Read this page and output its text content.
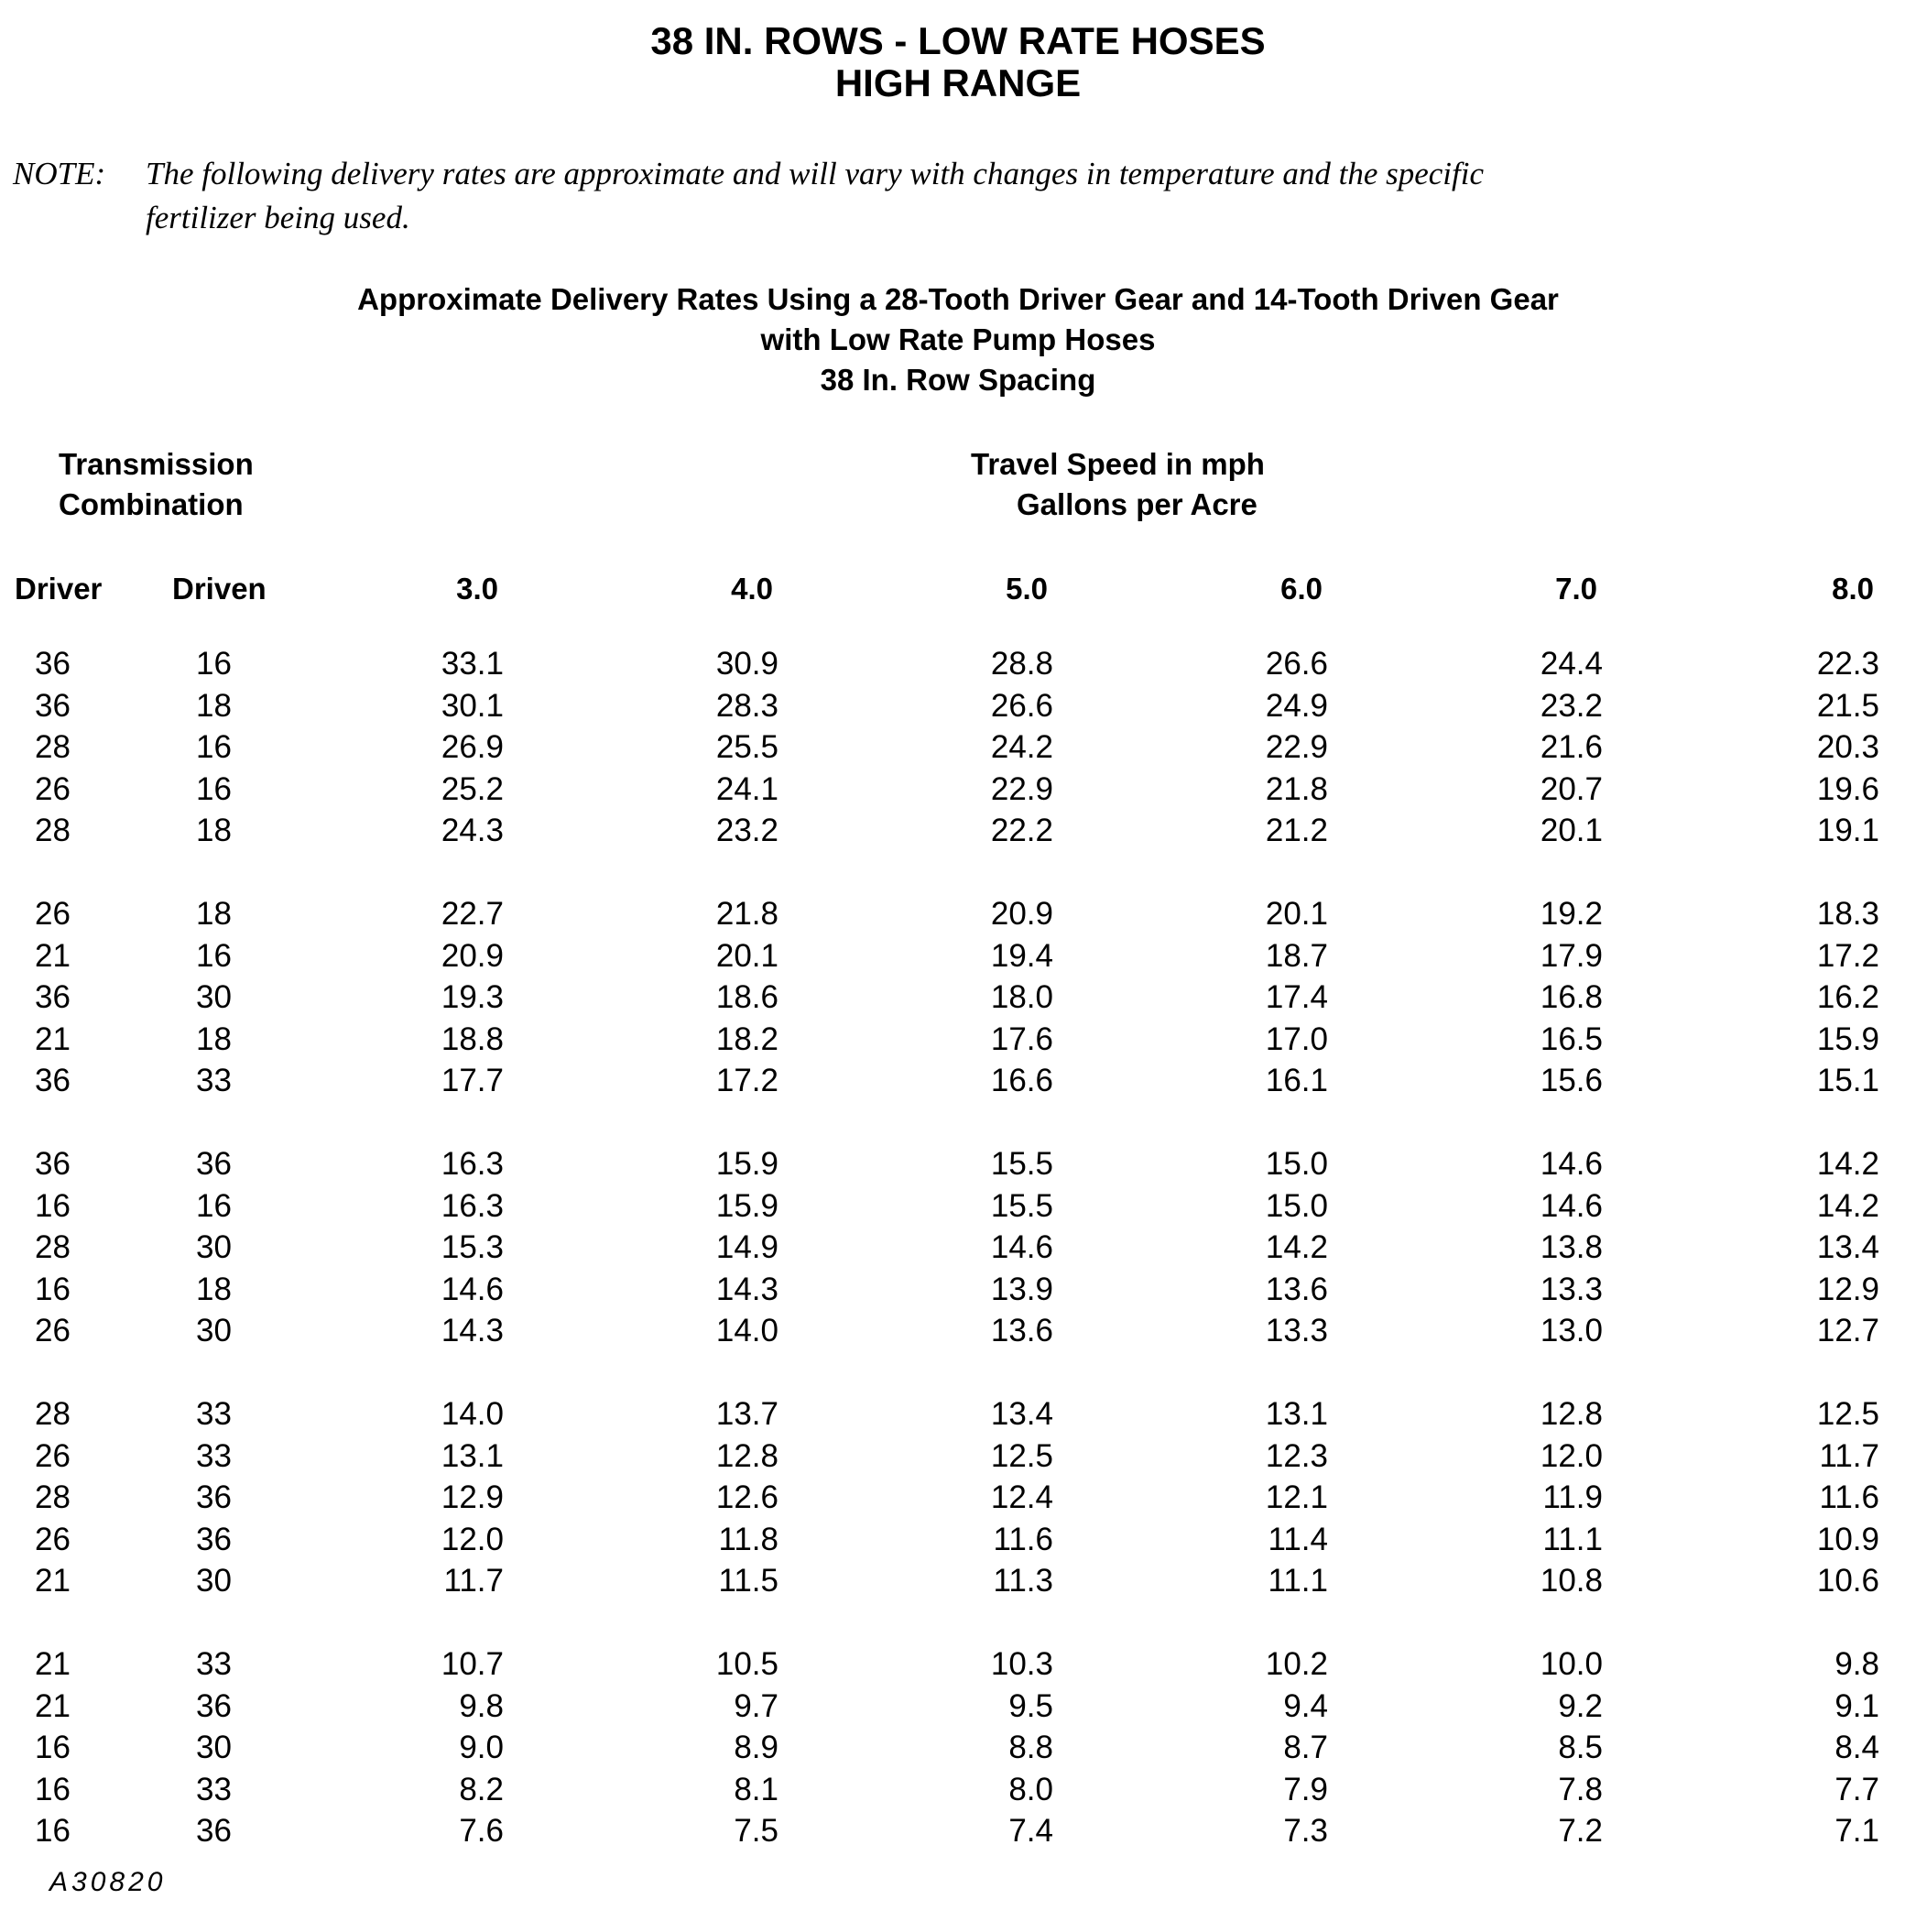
38 IN. ROWS - LOW RATE HOSES
HIGH RANGE
NOTE: The following delivery rates are approximate and will vary with changes in temperature and the specific
fertilizer being used.
Approximate Delivery Rates Using a 28-Tooth Driver Gear and 14-Tooth Driven Gear
with Low Rate Pump Hoses
38 In. Row Spacing
Transmission
Combination
Travel Speed in mph
Gallons per Acre
Driver Driven	3.0	4.0	5.0	6.0	7.0	8.0
36	16	33.1	30.9	28.8	26.6	24.4	22.3
36	18	30.1	28.3	26.6	24.9	23.2	21.5
28	16	26.9	25.5	24.2	22.9	21.6	20.3
26	16	25.2	24.1	22.9	21.8	20.7	19.6
28	18	24.3	23.2	22.2	21.2	20.1	19.1
26	18	22.7	21.8	20.9	20.1	19.2	18.3
21	16	20.9	20.1	19.4	18.7	17.9	17.2
36	30	19.3	18.6	18.0	17.4	16.8	16.2
21	18	18.8	18.2	17.6	17.0	16.5	15.9
36	33	17.7	17.2	16.6	16.1	15.6	15.1
36	36	16.3	15.9	15.5	15.0	14.6	14.2
16	16	16.3	15.9	15.5	15.0	14.6	14.2
28	30	15.3	14.9	14.6	14.2	13.8	13.4
16	18	14.6	14.3	13.9	13.6	13.3	12.9
26	30	14.3	14.0	13.6	13.3	13.0	12.7
28	33	14.0	13.7	13.4	13.1	12.8	12.5
26	33	13.1	12.8	12.5	12.3	12.0	11.7
28	36	12.9	12.6	12.4	12.1	11.9	11.6
26	36	12.0	11.8	11.6	11.4	11.1	10.9
21	30	11.7	11.5	11.3	11.1	10.8	10.6
21	33	10.7	10.5	10.3	10.2	10.0	9.8
21	36	9.8	9.7	9.5	9.4	9.2	9.1
16	30	9.0	8.9	8.8	8.7	8.5	8.4
16	33	8.2	8.1	8.0	7.9	7.8	7.7
16	36	7.6	7.5	7.4	7.3	7.2	7.1
A30820
